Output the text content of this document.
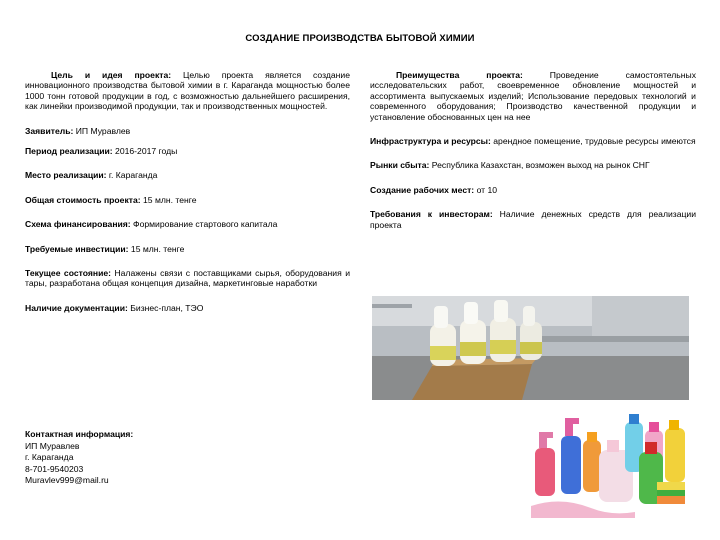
СОЗДАНИЕ ПРОИЗВОДСТВА БЫТОВОЙ ХИМИИ

Цель и идея проекта: Целью проекта является создание инновационного производства бытовой химии в г. Караганда мощностью более 1000 тонн готовой продукции в год, с возможностью дальнейшего расширения, как линейки производимой продукции, так и производственных мощностей.

Заявитель: ИП Муравлев

Период реализации: 2016-2017 годы

Место реализации: г. Караганда

Общая стоимость проекта: 15 млн. тенге

Схема финансирования: Формирование стартового капитала

Требуемые инвестиции: 15 млн. тенге

Текущее состояние: Налажены связи с поставщиками сырья, оборудования и тары, разработана общая концепция дизайна, маркетинговые наработки

Наличие документации: Бизнес-план, ТЭО

Преимущества проекта: Проведение самостоятельных исследовательских работ, своевременное обновление мощностей и ассортимента выпускаемых изделий; Использование передовых технологий и современного оборудования; Производство качественной продукции и установление обоснованных цен на нее

Инфраструктура и ресурсы: арендное помещение, трудовые ресурсы имеются

Рынки сбыта: Республика Казахстан, возможен выход на рынок СНГ

Создание рабочих мест: от 10

Требования к инвесторам: Наличие денежных средств для реализации проекта

Контактная информация:
ИП Муравлев
г. Караганда
8-701-9540203
Muravlev999@mail.ru
